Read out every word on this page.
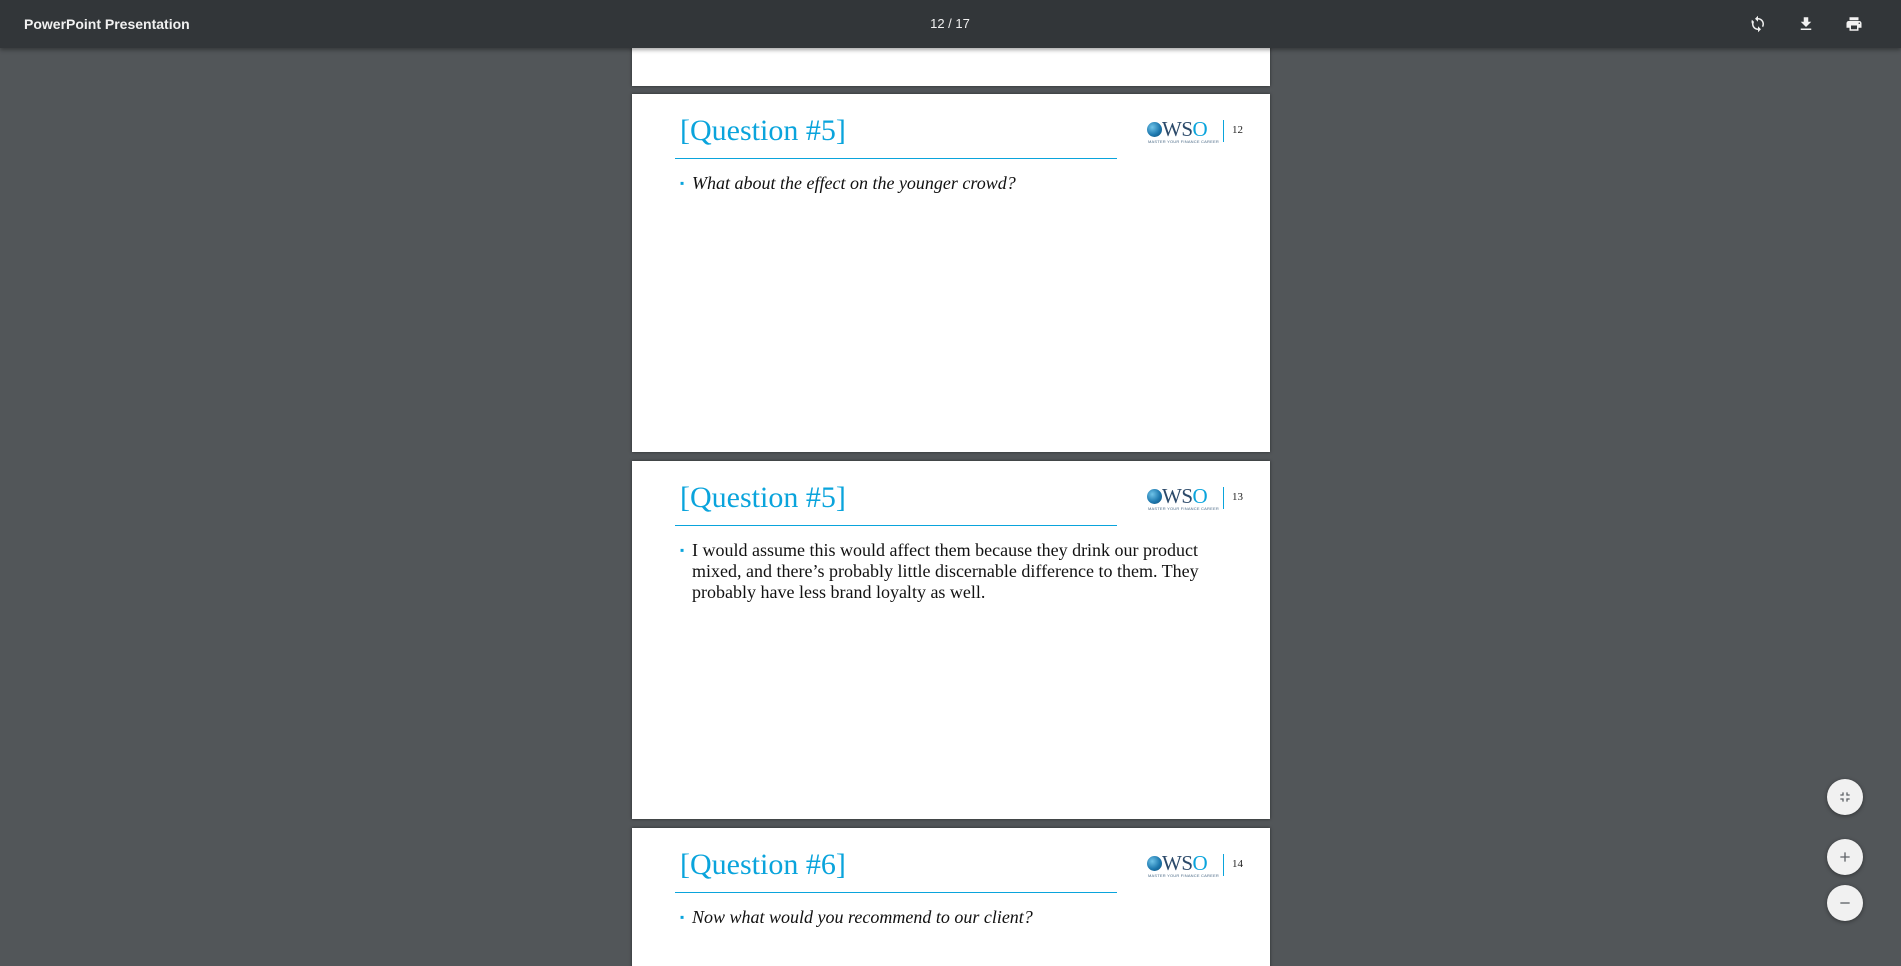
PowerPoint Presentation	12 / 17
[Question #5]	WSO
MASTER YOUR FINANCE CAREER
12
▪ What about the effect on the younger crowd?
[Question #5]	WSO
MASTER YOUR FINANCE CAREER
13
▪ I would assume this would affect them because they drink our product mixed, and there’s probably little discernable difference to them. They probably have less brand loyalty as well.
[Question #6]	WSO
MASTER YOUR FINANCE CAREER
14
▪ Now what would you recommend to our client?
